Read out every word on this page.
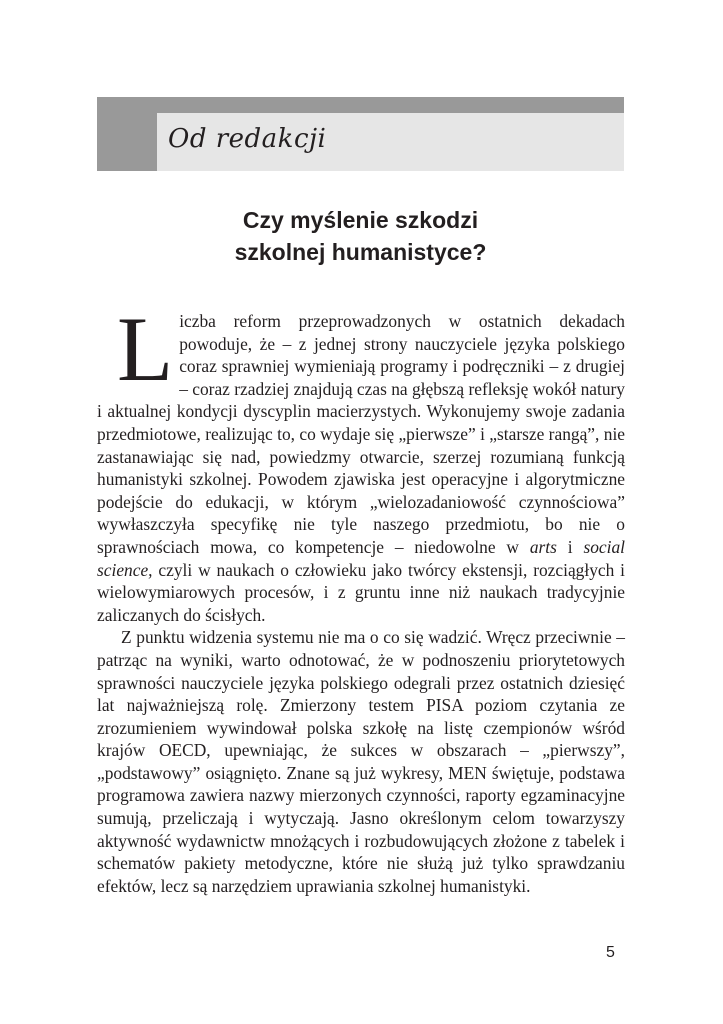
Od redakcji
Czy myślenie szkodzi
szkolnej humanistyce?

Liczba reform przeprowadzonych w ostatnich dekadach powoduje, że – z jednej strony nauczyciele języka polskiego coraz sprawniej wymieniają programy i podręczniki – z drugiej – coraz rzadziej znajdują czas na głębszą refleksję wokół natury i aktualnej kondycji dyscyplin macierzystych. Wykonujemy swoje zadania przedmiotowe, realizując to, co wydaje się „pierwsze” i „starsze rangą”, nie zastanawiając się nad, powiedzmy otwarcie, szerzej rozumianą funkcją humanistyki szkolnej. Powodem zjawiska jest operacyjne i algorytmiczne podejście do edukacji, w którym „wielozadaniowość czynnościowa” wywłaszczyła specyfikę nie tyle naszego przedmiotu, bo nie o sprawnościach mowa, co kompetencje – niedowolne w arts i social science, czyli w naukach o człowieku jako twórcy ekstensji, rozciągłych i wielowymiarowych procesów, i z gruntu inne niż naukach tradycyjnie zaliczanych do ścisłych.

Z punktu widzenia systemu nie ma o co się wadzić. Wręcz przeciwnie – patrząc na wyniki, warto odnotować, że w podnoszeniu priorytetowych sprawności nauczyciele języka polskiego odegrali przez ostatnich dziesięć lat najważniejszą rolę. Zmierzony testem PISA poziom czytania ze zrozumieniem wywindował polska szkołę na listę czempionów wśród krajów OECD, upewniając, że sukces w obszarach – „pierwszy”, „podstawowy” osiągnięto. Znane są już wykresy, MEN świętuje, podstawa programowa zawiera nazwy mierzonych czynności, raporty egzaminacyjne sumują, przeliczają i wytyczają. Jasno określonym celom towarzyszy aktywność wydawnictw mnożących i rozbudowujących złożone z tabelek i schematów pakiety metodyczne, które nie służą już tylko sprawdzaniu efektów, lecz są narzędziem uprawiania szkolnej humanistyki.

5
